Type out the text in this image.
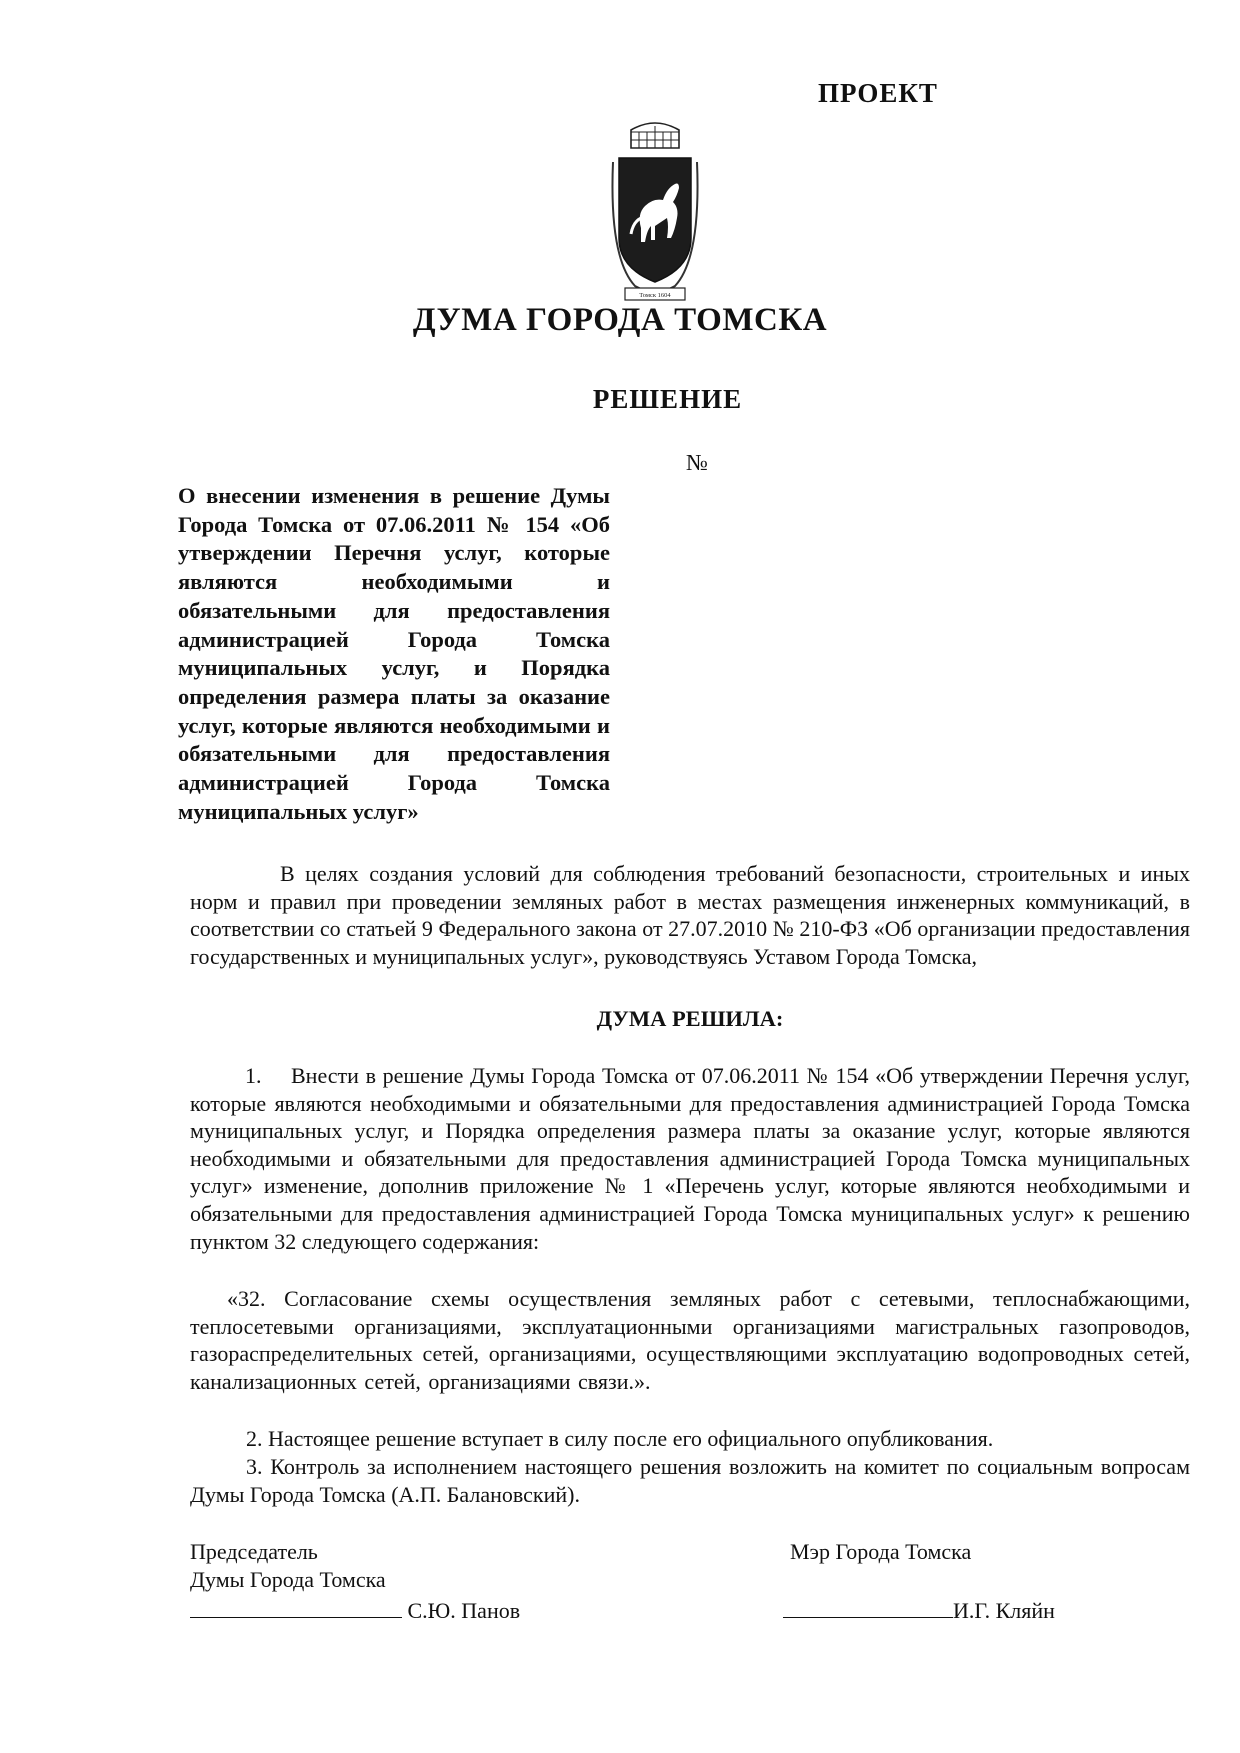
ПРОЕКТ
Томск 1604
ДУМА ГОРОДА ТОМСКА
РЕШЕНИЕ
№

О внесении изменения в решение Думы Города Томска от 07.06.2011 № 154 «Об утверждении Перечня услуг, которые являются необходимыми и обязательными для предоставления администрацией Города Томска муниципальных услуг, и Порядка определения размера платы за оказание услуг, которые являются необходимыми и обязательными для предоставления администрацией Города Томска муниципальных услуг»

В целях создания условий для соблюдения требований безопасности, строительных и иных норм и правил при проведении земляных работ в местах размещения инженерных коммуникаций, в соответствии со статьей 9 Федерального закона от 27.07.2010 № 210-ФЗ «Об организации предоставления государственных и муниципальных услуг», руководствуясь Уставом Города Томска,

ДУМА РЕШИЛА:

1. Внести в решение Думы Города Томска от 07.06.2011 № 154 «Об утверждении Перечня услуг, которые являются необходимыми и обязательными для предоставления администрацией Города Томска муниципальных услуг, и Порядка определения размера платы за оказание услуг, которые являются необходимыми и обязательными для предоставления администрацией Города Томска муниципальных услуг» изменение, дополнив приложение № 1 «Перечень услуг, которые являются необходимыми и обязательными для предоставления администрацией Города Томска муниципальных услуг» к решению пунктом 32 следующего содержания:

«32. Согласование схемы осуществления земляных работ с сетевыми, теплоснабжающими, теплосетевыми организациями, эксплуатационными организациями магистральных газопроводов, газораспределительных сетей, организациями, осуществляющими эксплуатацию водопроводных сетей, канализационных сетей, организациями связи.».

2. Настоящее решение вступает в силу после его официального опубликования.

3. Контроль за исполнением настоящего решения возложить на комитет по социальным вопросам Думы Города Томска (А.П. Балановский).

Председатель
Думы Города Томска
С.Ю. Панов
Мэр Города Томска
И.Г. Кляйн
